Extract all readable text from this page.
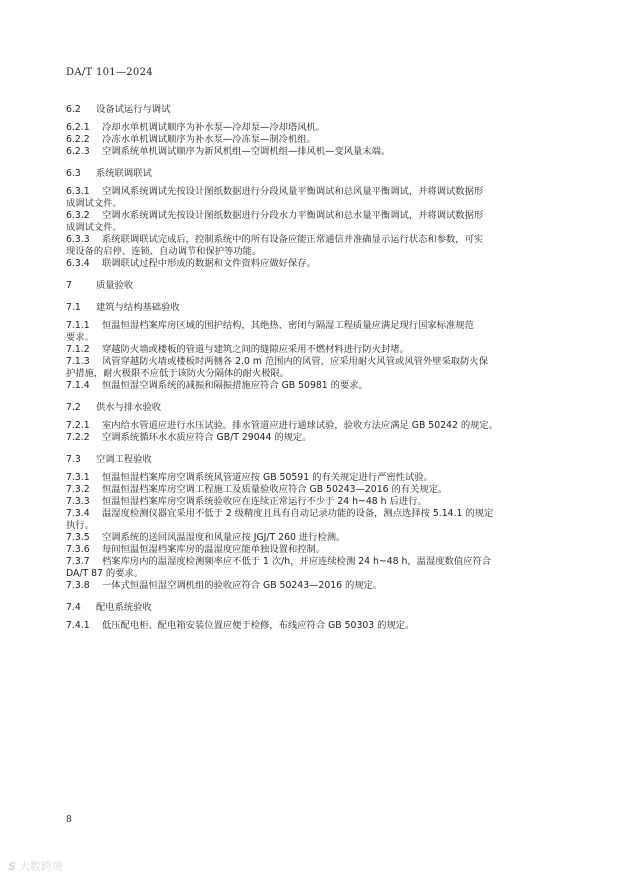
DA/T 101—2024

6.2 设备试运行与调试

6.2.1 冷却水单机调试顺序为补水泵—冷却泵—冷却塔风机。

6.2.2 冷冻水单机调试顺序为补水泵—冷冻泵—制冷机组。

6.2.3 空调系统单机调试顺序为新风机组—空调机组—排风机—变风量末端。

6.3 系统联调联试

6.3.1 空调风系统调试先按设计图纸数据进行分段风量平衡调试和总风量平衡调试，并将调试数据形

成调试文件。

6.3.2 空调水系统调试先按设计图纸数据进行分段水力平衡调试和总水量平衡调试，并将调试数据形

成调试文件。

6.3.3 系统联调联试完成后，控制系统中的所有设备应能正常通信并准确显示运行状态和参数，可实

现设备的启停、连锁、自动调节和保护等功能。

6.3.4 联调联试过程中形成的数据和文件资料应做好保存。

7	质量验收

7.1 建筑与结构基础验收

7.1.1 恒温恒湿档案库房区域的围护结构，其绝热、密闭与隔湿工程质量应满足现行国家标准规范

要求。

7.1.2 穿越防火墙或楼板的管道与建筑之间的缝隙应采用不燃材料进行防火封堵。

7.1.3 风管穿越防火墙或楼板时两侧各 2.0 m 范围内的风管，应采用耐火风管或风管外壁采取防火保

护措施，耐火极限不应低于该防火分隔体的耐火极限。

7.1.4 恒温恒湿空调系统的减振和隔振措施应符合 GB 50981 的要求。

7.2 供水与排水验收

7.2.1 室内给水管道应进行水压试验。排水管道应进行通球试验，验收方法应满足 GB 50242 的规定。

7.2.2 空调系统循环水水质应符合 GB/T 29044 的规定。

7.3 空调工程验收

7.3.1 恒温恒湿档案库房空调系统风管道应按 GB 50591 的有关规定进行严密性试验。

7.3.2 恒温恒湿档案库房空调工程施工及质量验收应符合 GB 50243—2016 的有关规定。

7.3.3 恒温恒湿档案库房空调系统验收应在连续正常运行不少于 24 h~48 h 后进行。

7.3.4 温湿度检测仪器宜采用不低于 2 级精度且具有自动记录功能的设备，测点选择按 5.14.1 的规定

执行。

7.3.5 空调系统的送回风温湿度和风量应按 JGJ/T 260 进行检测。

7.3.6 每间恒温恒湿档案库房的温湿度应能单独设置和控制。

7.3.7 档案库房内的温湿度检测频率应不低于 1 次/h，并应连续检测 24 h~48 h，温湿度数值应符合

DA/T 87 的要求。

7.3.8 一体式恒温恒湿空调机组的验收应符合 GB 50243—2016 的规定。

7.4 配电系统验收

7.4.1 低压配电柜、配电箱安装位置应便于检修，布线应符合 GB 50303 的规定。

8
S 大数跨境
